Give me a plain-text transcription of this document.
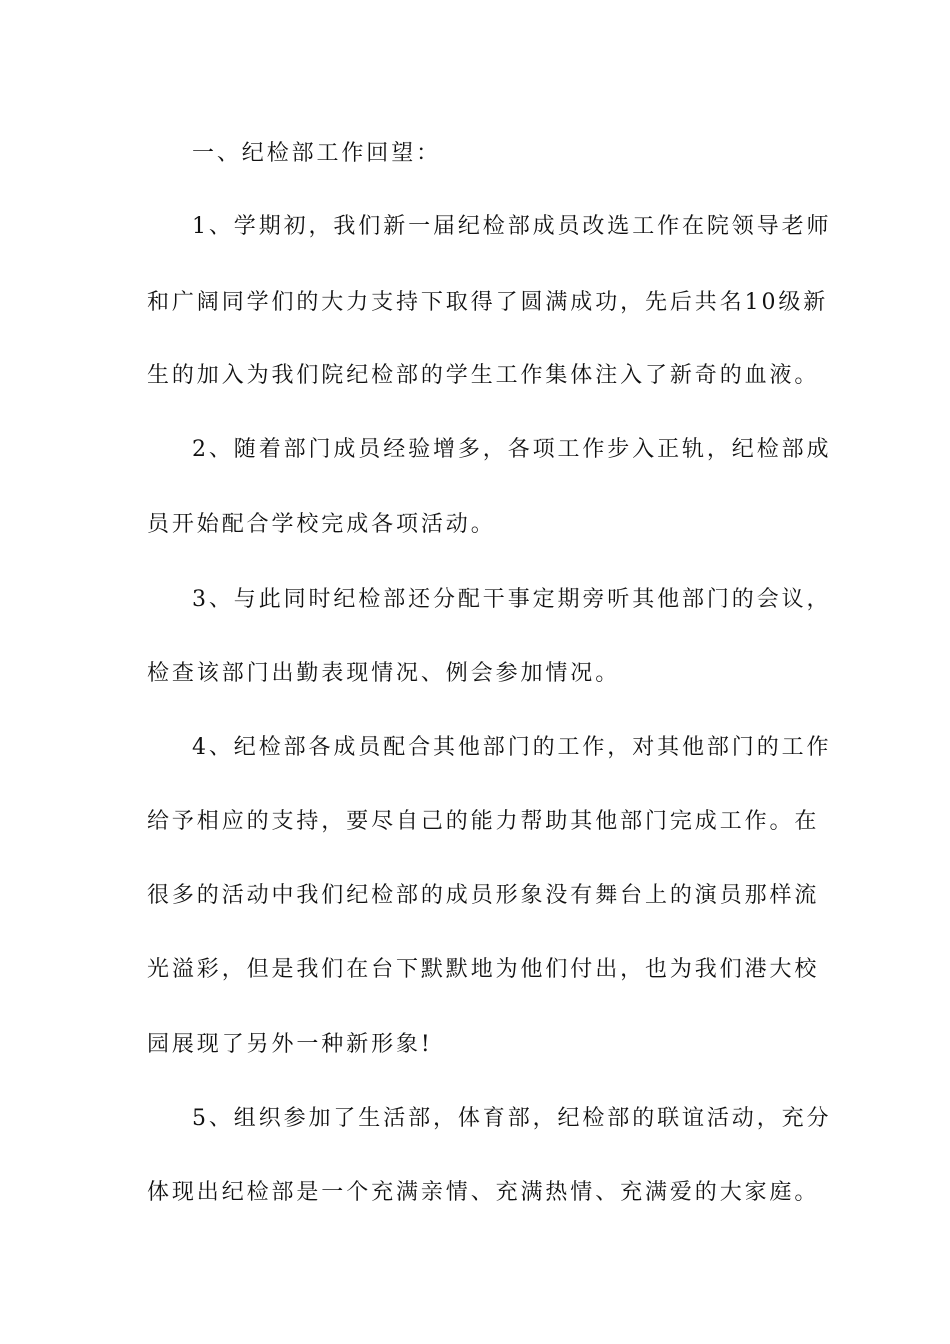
一、纪检部工作回望：
1、学期初，我们新一届纪检部成员改选工作在院领导老师
和广阔同学们的大力支持下取得了圆满成功，先后共名10级新
生的加入为我们院纪检部的学生工作集体注入了新奇的血液。
2、随着部门成员经验增多，各项工作步入正轨，纪检部成
员开始配合学校完成各项活动。
3、与此同时纪检部还分配干事定期旁听其他部门的会议，
检查该部门出勤表现情况、例会参加情况。
4、纪检部各成员配合其他部门的工作，对其他部门的工作
给予相应的支持，要尽自己的能力帮助其他部门完成工作。在
很多的活动中我们纪检部的成员形象没有舞台上的演员那样流
光溢彩，但是我们在台下默默地为他们付出，也为我们港大校
园展现了另外一种新形象!
5、组织参加了生活部，体育部，纪检部的联谊活动，充分
体现出纪检部是一个充满亲情、充满热情、充满爱的大家庭。
